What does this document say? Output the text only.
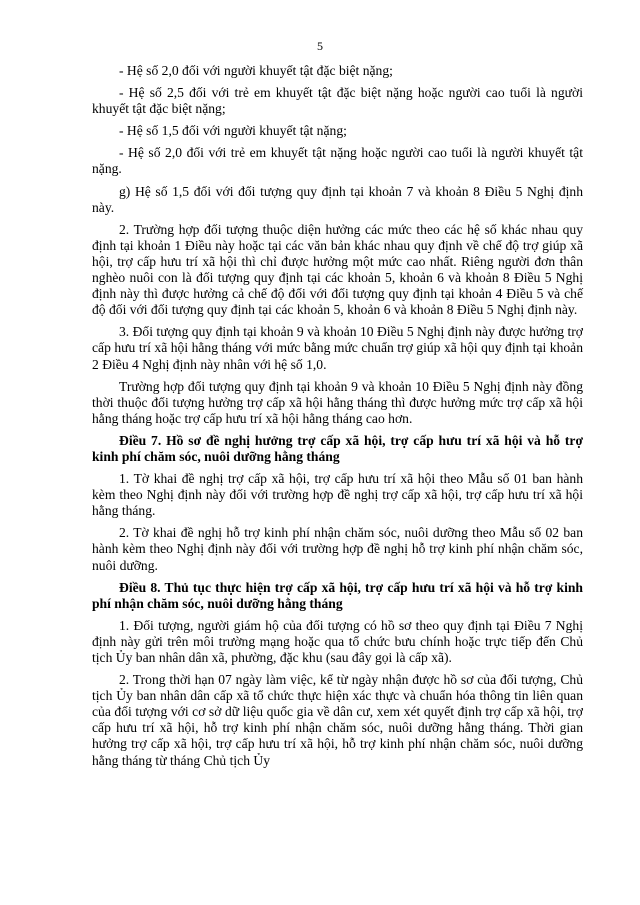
5

- Hệ số 2,0 đối với người khuyết tật đặc biệt nặng;

- Hệ số 2,5 đối với trẻ em khuyết tật đặc biệt nặng hoặc người cao tuổi là người khuyết tật đặc biệt nặng;

- Hệ số 1,5 đối với người khuyết tật nặng;

- Hệ số 2,0 đối với trẻ em khuyết tật nặng hoặc người cao tuổi là người khuyết tật nặng.

g) Hệ số 1,5 đối với đối tượng quy định tại khoản 7 và khoản 8 Điều 5 Nghị định này.

2. Trường hợp đối tượng thuộc diện hưởng các mức theo các hệ số khác nhau quy định tại khoản 1 Điều này hoặc tại các văn bản khác nhau quy định về chế độ trợ giúp xã hội, trợ cấp hưu trí xã hội thì chỉ được hưởng một mức cao nhất. Riêng người đơn thân nghèo nuôi con là đối tượng quy định tại các khoản 5, khoản 6 và khoản 8 Điều 5 Nghị định này thì được hưởng cả chế độ đối với đối tượng quy định tại khoản 4 Điều 5 và chế độ đối với đối tượng quy định tại các khoản 5, khoản 6 và khoản 8 Điều 5 Nghị định này.

3. Đối tượng quy định tại khoản 9 và khoản 10 Điều 5 Nghị định này được hưởng trợ cấp hưu trí xã hội hằng tháng với mức bằng mức chuẩn trợ giúp xã hội quy định tại khoản 2 Điều 4 Nghị định này nhân với hệ số 1,0.

Trường hợp đối tượng quy định tại khoản 9 và khoản 10 Điều 5 Nghị định này đồng thời thuộc đối tượng hưởng trợ cấp xã hội hằng tháng thì được hưởng mức trợ cấp xã hội hằng tháng hoặc trợ cấp hưu trí xã hội hằng tháng cao hơn.

Điều 7. Hồ sơ đề nghị hưởng trợ cấp xã hội, trợ cấp hưu trí xã hội và hỗ trợ kinh phí chăm sóc, nuôi dưỡng hằng tháng

1. Tờ khai đề nghị trợ cấp xã hội, trợ cấp hưu trí xã hội theo Mẫu số 01 ban hành kèm theo Nghị định này đối với trường hợp đề nghị trợ cấp xã hội, trợ cấp hưu trí xã hội hằng tháng.

2. Tờ khai đề nghị hỗ trợ kinh phí nhận chăm sóc, nuôi dưỡng theo Mẫu số 02 ban hành kèm theo Nghị định này đối với trường hợp đề nghị hỗ trợ kinh phí nhận chăm sóc, nuôi dưỡng.

Điều 8. Thủ tục thực hiện trợ cấp xã hội, trợ cấp hưu trí xã hội và hỗ trợ kinh phí nhận chăm sóc, nuôi dưỡng hằng tháng

1. Đối tượng, người giám hộ của đối tượng có hồ sơ theo quy định tại Điều 7 Nghị định này gửi trên môi trường mạng hoặc qua tổ chức bưu chính hoặc trực tiếp đến Chủ tịch Ủy ban nhân dân xã, phường, đặc khu (sau đây gọi là cấp xã).

2. Trong thời hạn 07 ngày làm việc, kể từ ngày nhận được hồ sơ của đối tượng, Chủ tịch Ủy ban nhân dân cấp xã tổ chức thực hiện xác thực và chuẩn hóa thông tin liên quan của đối tượng với cơ sở dữ liệu quốc gia về dân cư, xem xét quyết định trợ cấp xã hội, trợ cấp hưu trí xã hội, hỗ trợ kinh phí nhận chăm sóc, nuôi dưỡng hằng tháng. Thời gian hưởng trợ cấp xã hội, trợ cấp hưu trí xã hội, hỗ trợ kinh phí nhận chăm sóc, nuôi dưỡng hằng tháng từ tháng Chủ tịch Ủy
